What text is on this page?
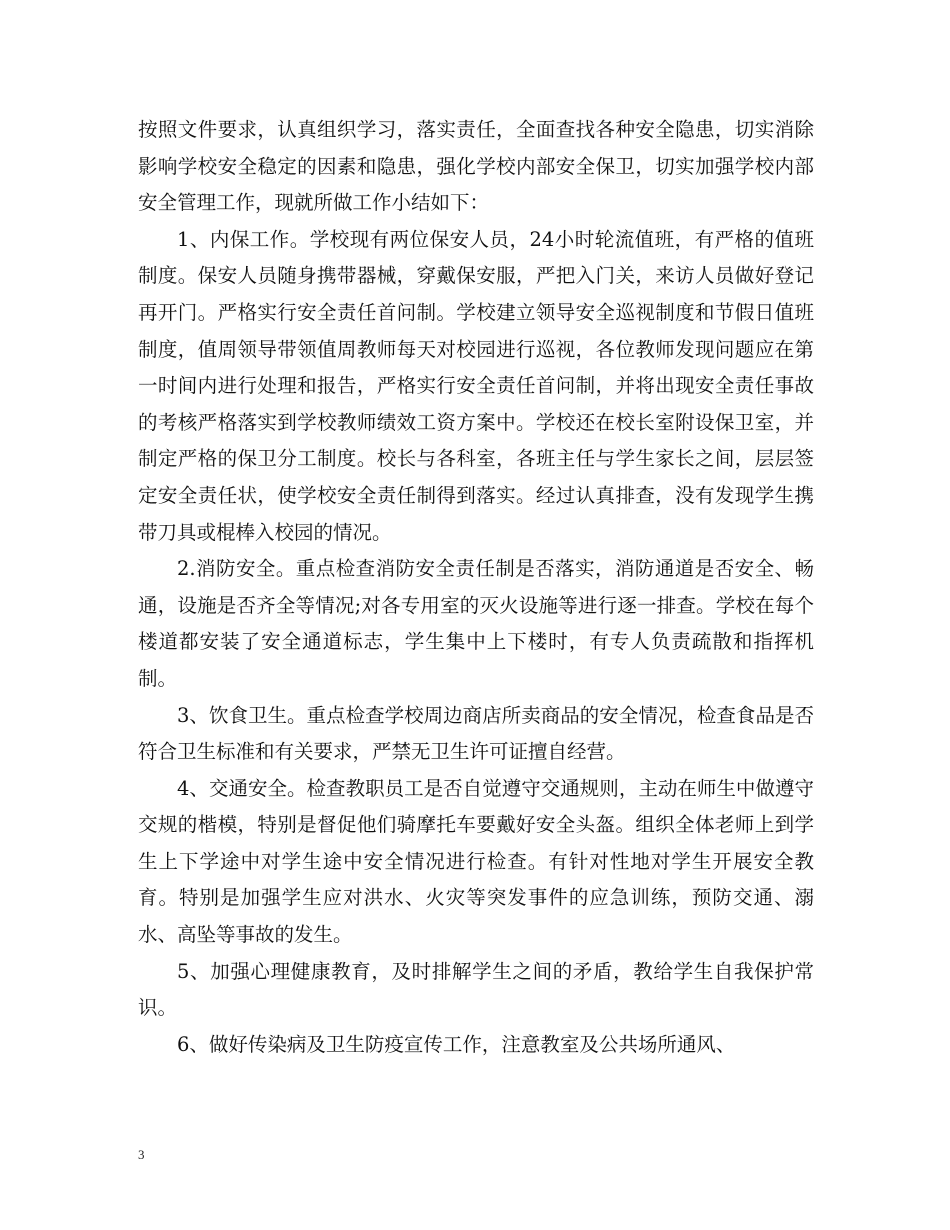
按照文件要求，认真组织学习，落实责任，全面查找各种安全隐患，切实消除影响学校安全稳定的因素和隐患，强化学校内部安全保卫，切实加强学校内部安全管理工作，现就所做工作小结如下：

1、内保工作。学校现有两位保安人员，24小时轮流值班，有严格的值班制度。保安人员随身携带器械，穿戴保安服，严把入门关，来访人员做好登记再开门。严格实行安全责任首问制。学校建立领导安全巡视制度和节假日值班制度，值周领导带领值周教师每天对校园进行巡视，各位教师发现问题应在第一时间内进行处理和报告，严格实行安全责任首问制，并将出现安全责任事故的考核严格落实到学校教师绩效工资方案中。学校还在校长室附设保卫室，并制定严格的保卫分工制度。校长与各科室，各班主任与学生家长之间，层层签定安全责任状，使学校安全责任制得到落实。经过认真排查，没有发现学生携带刀具或棍棒入校园的情况。

2.消防安全。重点检查消防安全责任制是否落实，消防通道是否安全、畅通，设施是否齐全等情况;对各专用室的灭火设施等进行逐一排查。学校在每个楼道都安装了安全通道标志，学生集中上下楼时，有专人负责疏散和指挥机制。

3、饮食卫生。重点检查学校周边商店所卖商品的安全情况，检查食品是否符合卫生标准和有关要求，严禁无卫生许可证擅自经营。

4、交通安全。检查教职员工是否自觉遵守交通规则，主动在师生中做遵守交规的楷模，特别是督促他们骑摩托车要戴好安全头盔。组织全体老师上到学生上下学途中对学生途中安全情况进行检查。有针对性地对学生开展安全教育。特别是加强学生应对洪水、火灾等突发事件的应急训练，预防交通、溺水、高坠等事故的发生。

5、加强心理健康教育，及时排解学生之间的矛盾，教给学生自我保护常识。

6、做好传染病及卫生防疫宣传工作，注意教室及公共场所通风、

3
